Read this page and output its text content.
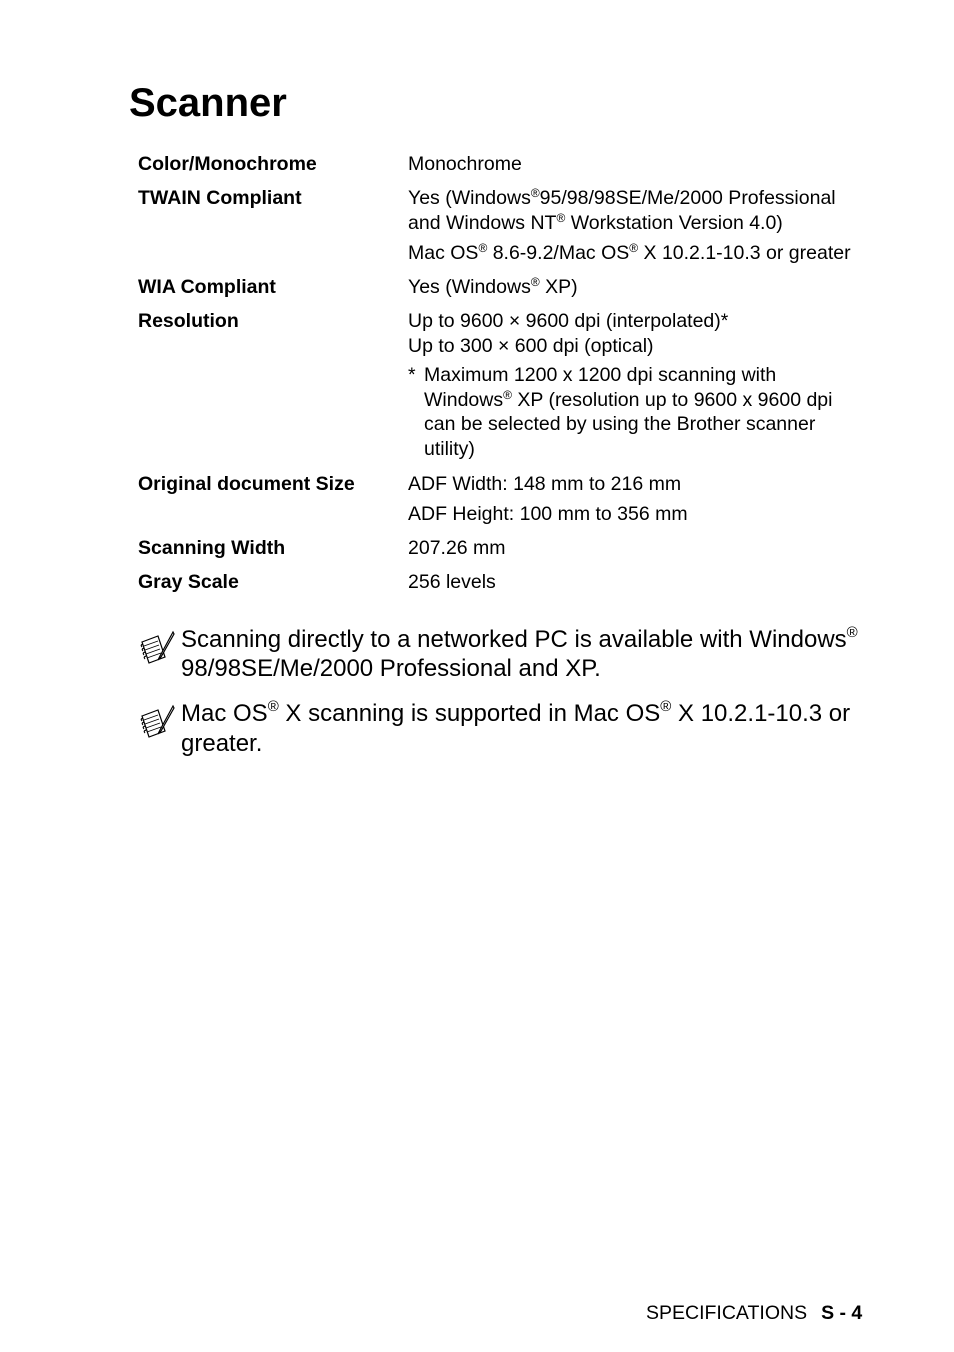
Scanner
Color/Monochrome	Monochrome
TWAIN Compliant	Yes (Windows®95/98/98SE/Me/2000 Professional
and Windows NT® Workstation Version 4.0)
Mac OS® 8.6-9.2/Mac OS® X 10.2.1-10.3 or greater
WIA Compliant	Yes (Windows® XP)
Resolution	Up to 9600 × 9600 dpi (interpolated)*
Up to 300 × 600 dpi (optical)
* Maximum 1200 x 1200 dpi scanning with
Windows® XP (resolution up to 9600 x 9600 dpi
can be selected by using the Brother scanner
utility)
Original document Size	ADF Width: 148 mm to 216 mm
ADF Height: 100 mm to 356 mm
Scanning Width	207.26 mm
Gray Scale	256 levels
Scanning directly to a networked PC is available with Windows®
98/98SE/Me/2000 Professional and XP.
Mac OS® X scanning is supported in Mac OS® X 10.2.1-10.3 or
greater.
SPECIFICATIONS S - 4
